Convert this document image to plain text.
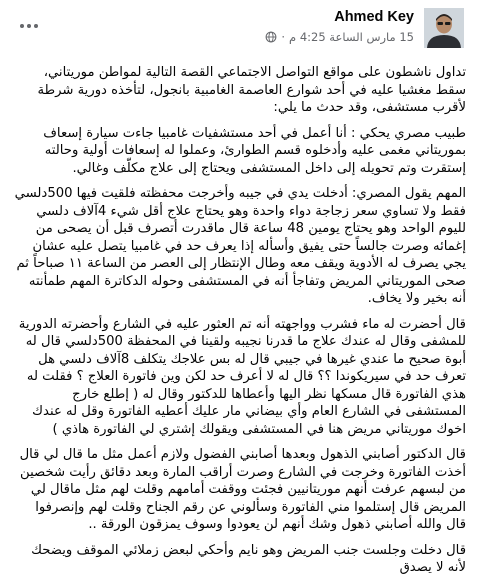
Ahmed Key
15 مارس الساعة 4:25 م
·

تداول ناشطون على مواقع التواصل الاجتماعي القصة التالية لمواطن موريتاني، سقط مغشيا عليه في أحد شوارع العاصمة الغامبية بانجول، لتأخذه دورية شرطة لأقرب مستشفى، وقد حدث ما يلي:

طبيب مصري يحكي : أنا أعمل في أحد مستشفيات غامبيا جاءت سيارة إسعاف بموريتاني مغمى عليه وأدخلوه قسم الطوارئ، وعملوا له إسعافات أولية وحالته إستقرت وتم تحويله إلى داخل المستشفى ويحتاج إلى علاج مكلّف وغالي.

المهم يقول المصري: أدخلت يدي في جيبه وأخرجت محفظته فلقيت فيها 500دلسي فقط ولا تساوي سعر زجاجة دواء واحدة وهو يحتاج علاج أقل شيء 4آلاف دلسي لليوم الواحد وهو يحتاج يومين 48 ساعة قال ماقدرت أتصرف قبل أن يصحى من إغمائه وصرت جالساً حتى يفيق وأسأله إذا يعرف حد في غامبيا يتصل عليه عشان يجي يصرف له الأدوية ويقف معه وطال الإنتظار إلى العصر من الساعة ١١ صباحاً ثم صحى الموريتاني المريض وتفاجأ أنه في المستشفى وحوله الدكاترة المهم طمأنته أنه بخير ولا يخاف.

قال أحضرت له ماء فشرب وواجهته أنه تم العثور عليه في الشارع وأحضرته الدورية للمشفى وقال له عندك علاج ما قدرنا نجيبه ولقينا في المحفظة 500دلسي قال له أبوة صحيح ما عندي غيرها في جيبي قال له بس علاجك يتكلف 8آلاف دلسي هل تعرف حد في سيريكوندا ؟؟ قال له لا أعرف حد لكن وين فاتورة العلاج ؟ فقلت له هذي الفاتورة قال مسكها نظر اليها وأعطاها للدكتور وقال له ( إطلع خارج المستشفى في الشارع العام وأي بيضاني مار عليك أعطيه الفاتورة وقل له عندك اخوك موريتاني مريض هنا في المستشفى ويقولك إشتري لي الفاتورة هاذي )

قال الدكتور أصابني الذهول وبعدها أصابني الفضول ولازم أعمل مثل ما قال لي قال أخذت الفاتورة وخرجت في الشارع وصرت أراقب المارة وبعد دقائق رأيت شخصين من لبسهم عرفت أنهم موريتانيين فجئت ووقفت أمامهم وقلت لهم مثل ماقال لي المريض قال إستلموا مني الفاتورة وسألوني عن رقم الجناح وقلت لهم وإنصرفوا قال والله أصابني ذهول وشك أنهم لن يعودوا وسوف يمزقون الورقة ..

قال دخلت وجلست جنب المريض وهو نايم وأحكي لبعض زملائي الموقف ويضحك لأنه لا يصدق
